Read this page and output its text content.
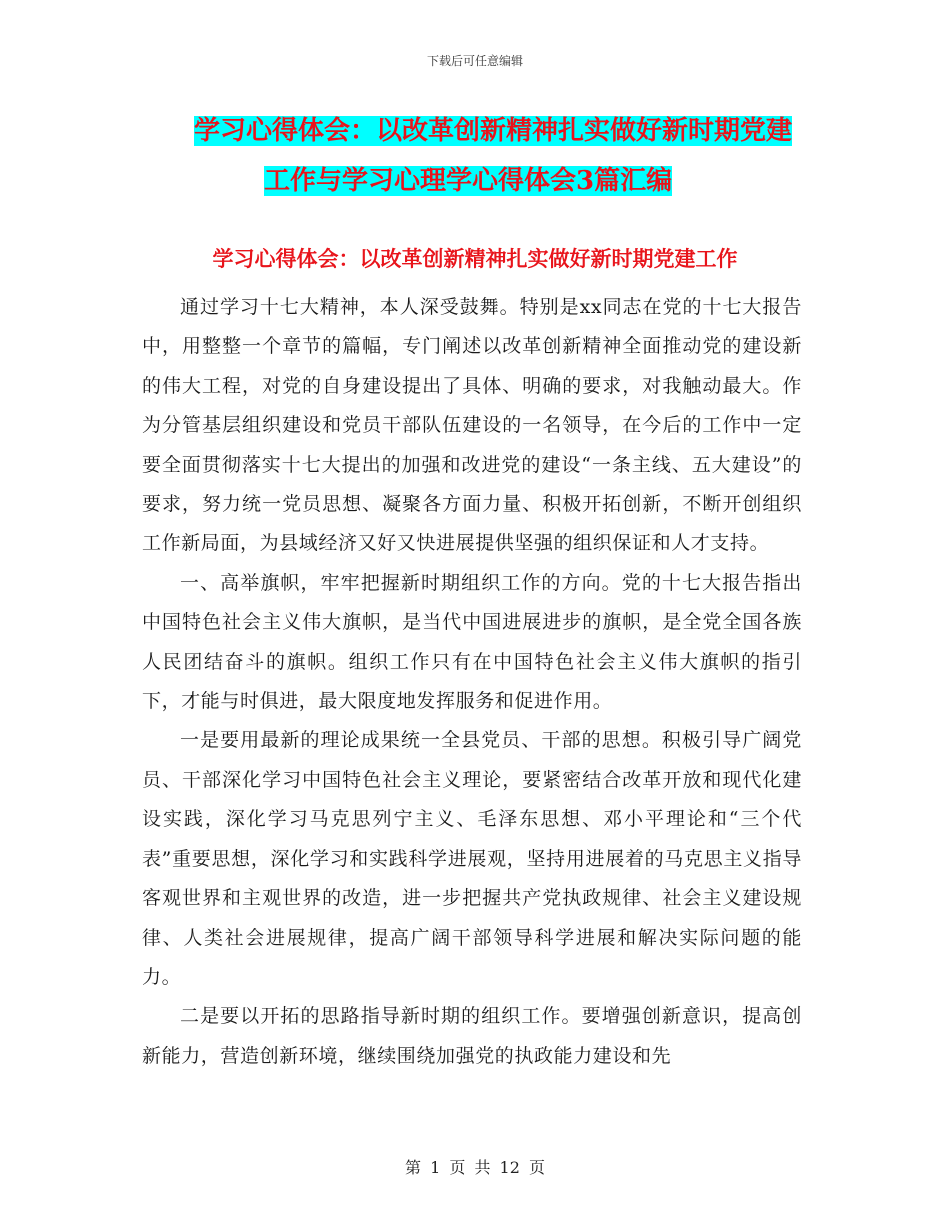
下载后可任意编辑
学习心得体会：以改革创新精神扎实做好新时期党建
工作与学习心理学心得体会3篇汇编
学习心得体会：以改革创新精神扎实做好新时期党建工作

通过学习十七大精神，本人深受鼓舞。特别是xx同志在党的十七大报告中，用整整一个章节的篇幅，专门阐述以改革创新精神全面推动党的建设新的伟大工程，对党的自身建设提出了具体、明确的要求，对我触动最大。作为分管基层组织建设和党员干部队伍建设的一名领导，在今后的工作中一定要全面贯彻落实十七大提出的加强和改进党的建设“一条主线、五大建设”的要求，努力统一党员思想、凝聚各方面力量、积极开拓创新，不断开创组织工作新局面，为县域经济又好又快进展提供坚强的组织保证和人才支持。

一、高举旗帜，牢牢把握新时期组织工作的方向。党的十七大报告指出中国特色社会主义伟大旗帜，是当代中国进展进步的旗帜，是全党全国各族人民团结奋斗的旗帜。组织工作只有在中国特色社会主义伟大旗帜的指引下，才能与时俱进，最大限度地发挥服务和促进作用。

一是要用最新的理论成果统一全县党员、干部的思想。积极引导广阔党员、干部深化学习中国特色社会主义理论，要紧密结合改革开放和现代化建设实践，深化学习马克思列宁主义、毛泽东思想、邓小平理论和“三个代表”重要思想，深化学习和实践科学进展观，坚持用进展着的马克思主义指导客观世界和主观世界的改造，进一步把握共产党执政规律、社会主义建设规律、人类社会进展规律，提高广阔干部领导科学进展和解决实际问题的能力。

二是要以开拓的思路指导新时期的组织工作。要增强创新意识，提高创新能力，营造创新环境，继续围绕加强党的执政能力建设和先

第 1 页 共 12 页
